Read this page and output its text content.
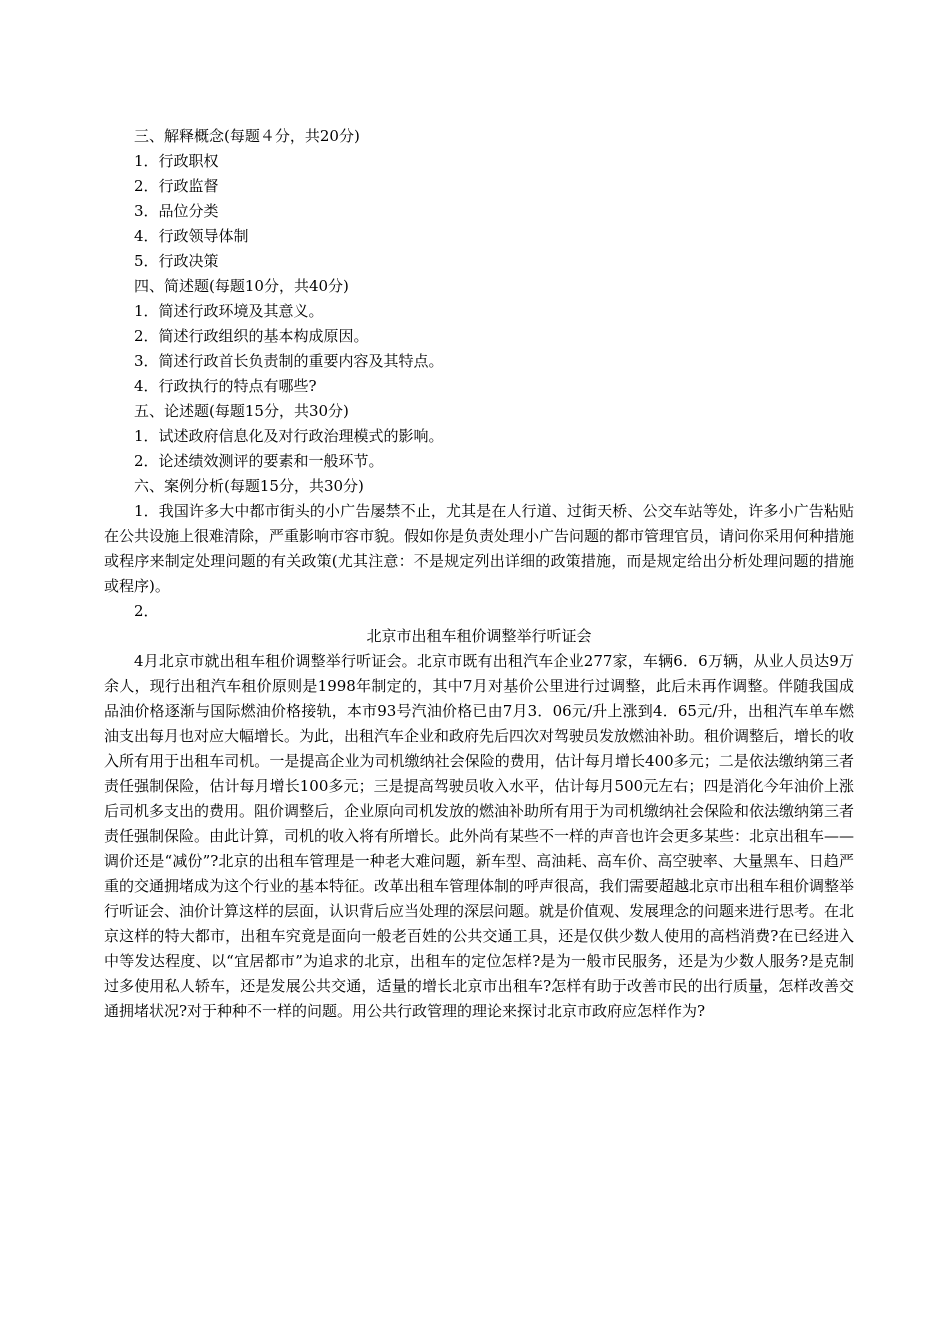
三、解释概念(每题４分，共20分)
1．行政职权
2．行政监督
3．品位分类
4．行政领导体制
5．行政决策
四、简述题(每题10分，共40分)
1．简述行政环境及其意义。
2．简述行政组织的基本构成原因。
3．简述行政首长负责制的重要内容及其特点。
4．行政执行的特点有哪些?
五、论述题(每题15分，共30分)
1．试述政府信息化及对行政治理模式的影响。
2．论述绩效测评的要素和一般环节。
六、案例分析(每题15分，共30分)

1．我国许多大中都市街头的小广告屡禁不止，尤其是在人行道、过街天桥、公交车站等处，许多小广告粘贴在公共设施上很难清除，严重影响市容市貌。假如你是负责处理小广告问题的都市管理官员，请问你采用何种措施或程序来制定处理问题的有关政策(尤其注意：不是规定列出详细的政策措施，而是规定给出分析处理问题的措施或程序)。

2．
北京市出租车租价调整举行听证会

4月北京市就出租车租价调整举行听证会。北京市既有出租汽车企业277家，车辆6．6万辆，从业人员达9万余人，现行出租汽车租价原则是1998年制定的，其中7月对基价公里进行过调整，此后未再作调整。伴随我国成品油价格逐渐与国际燃油价格接轨，本市93号汽油价格已由7月3．06元/升上涨到4．65元/升，出租汽车单车燃油支出每月也对应大幅增长。为此，出租汽车企业和政府先后四次对驾驶员发放燃油补助。租价调整后，增长的收入所有用于出租车司机。一是提高企业为司机缴纳社会保险的费用，估计每月增长400多元；二是依法缴纳第三者责任强制保险，估计每月增长100多元；三是提高驾驶员收入水平，估计每月500元左右；四是消化今年油价上涨后司机多支出的费用。阻价调整后，企业原向司机发放的燃油补助所有用于为司机缴纳社会保险和依法缴纳第三者责任强制保险。由此计算，司机的收入将有所增长。此外尚有某些不一样的声音也许会更多某些：北京出租车——调价还是“减份”?北京的出租车管理是一种老大难问题，新车型、高油耗、高车价、高空驶率、大量黑车、日趋严重的交通拥堵成为这个行业的基本特征。改革出租车管理体制的呼声很高，我们需要超越北京市出租车租价调整举行听证会、油价计算这样的层面，认识背后应当处理的深层问题。就是价值观、发展理念的问题来进行思考。在北京这样的特大都市，出租车究竟是面向一般老百姓的公共交通工具，还是仅供少数人使用的高档消费?在已经进入中等发达程度、以“宜居都市”为追求的北京，出租车的定位怎样?是为一般市民服务，还是为少数人服务?是克制过多使用私人轿车，还是发展公共交通，适量的增长北京市出租车?怎样有助于改善市民的出行质量，怎样改善交通拥堵状况?对于种种不一样的问题。用公共行政管理的理论来探讨北京市政府应怎样作为?
